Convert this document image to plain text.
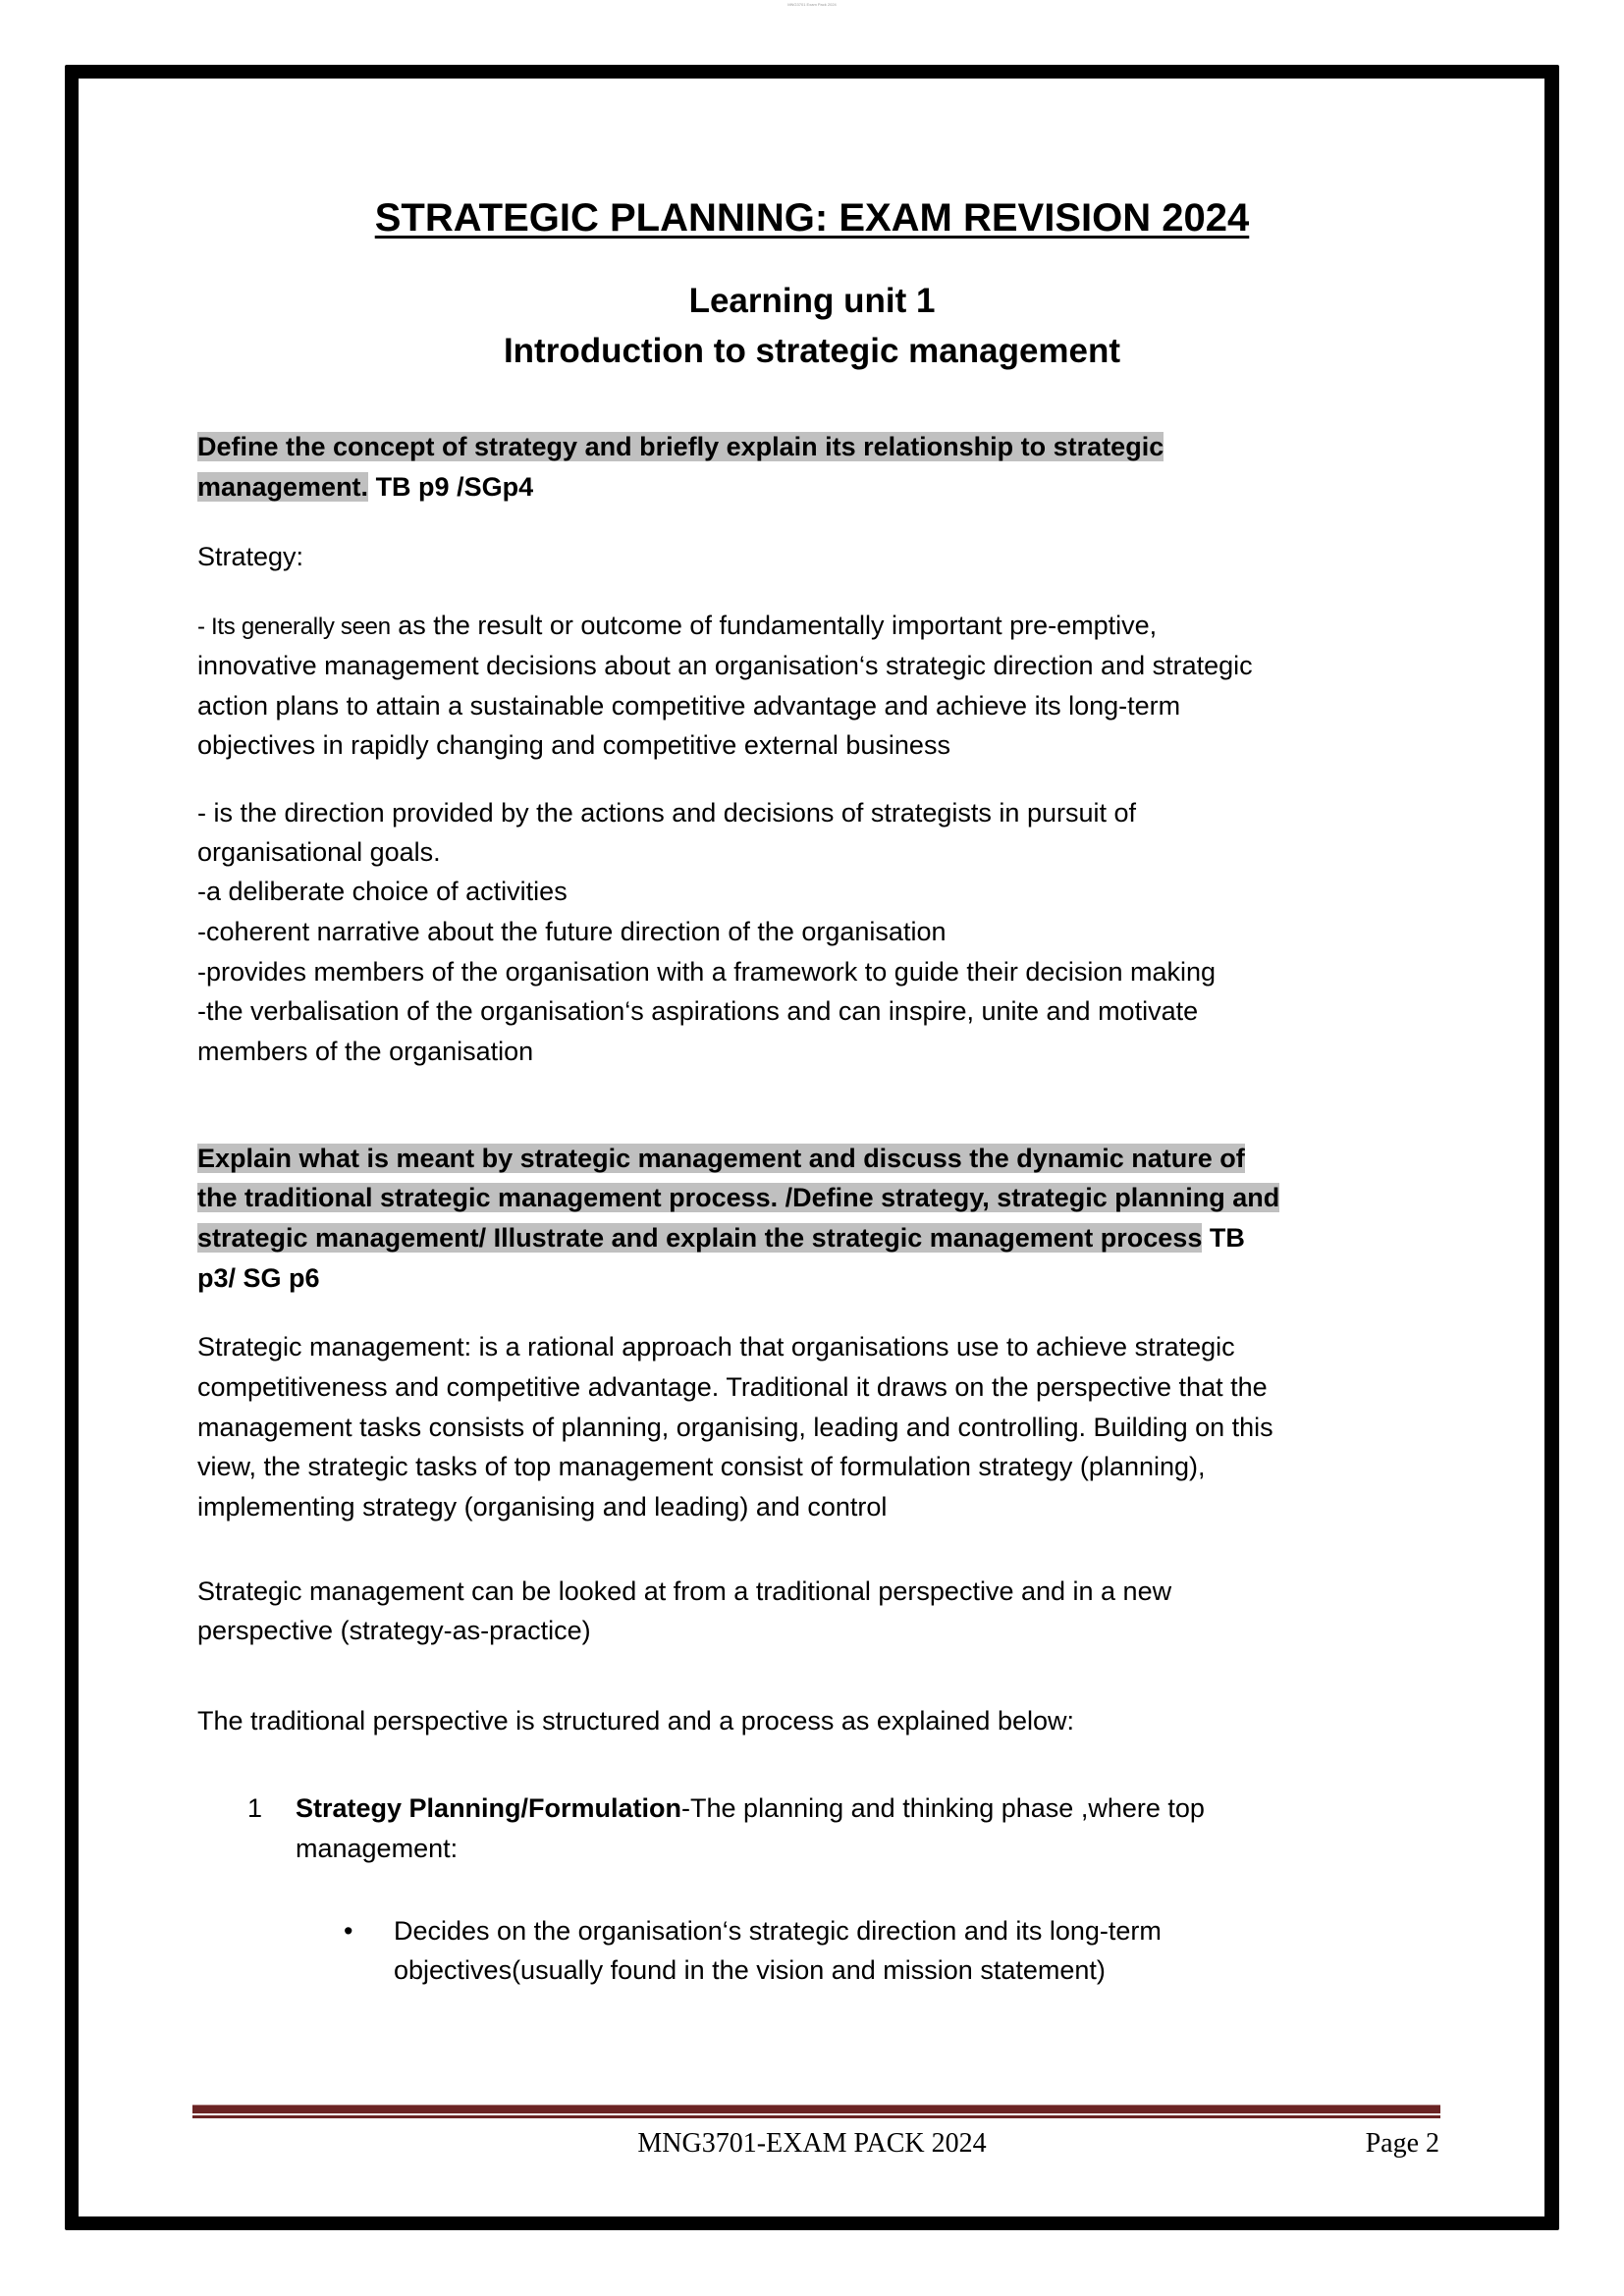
MNG3701 Exam Pack 2024
STRATEGIC PLANNING: EXAM REVISION 2024
Learning unit 1
Introduction to strategic management
Define the concept of strategy and briefly explain its relationship to strategic
management. TB p9 /SGp4
Strategy:
- Its generally seen as the result or outcome of fundamentally important pre-emptive,
innovative management decisions about an organisation‘s strategic direction and strategic
action plans to attain a sustainable competitive advantage and achieve its long-term
objectives in rapidly changing and competitive external business
- is the direction provided by the actions and decisions of strategists in pursuit of
organisational goals.
-a deliberate choice of activities
-coherent narrative about the future direction of the organisation
-provides members of the organisation with a framework to guide their decision making
-the verbalisation of the organisation‘s aspirations and can inspire, unite and motivate
members of the organisation
Explain what is meant by strategic management and discuss the dynamic nature of
the traditional strategic management process. /Define strategy, strategic planning and
strategic management/ Illustrate and explain the strategic management process TB
p3/ SG p6
Strategic management: is a rational approach that organisations use to achieve strategic
competitiveness and competitive advantage. Traditional it draws on the perspective that the
management tasks consists of planning, organising, leading and controlling. Building on this
view, the strategic tasks of top management consist of formulation strategy (planning),
implementing strategy (organising and leading) and control
Strategic management can be looked at from a traditional perspective and in a new
perspective (strategy-as-practice)
The traditional perspective is structured and a process as explained below:
1 Strategy Planning/Formulation-The planning and thinking phase ,where top
management:
• Decides on the organisation‘s strategic direction and its long-term
objectives(usually found in the vision and mission statement)
MNG3701-EXAM PACK 2024	Page 2
